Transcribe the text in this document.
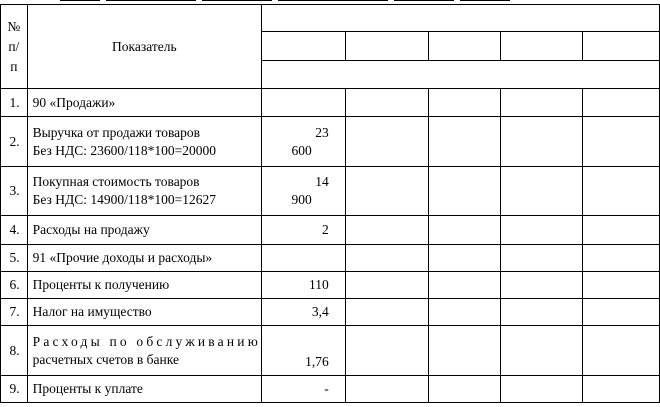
№
п/
п	Показатель					

1.	90 «Продажи»					
2.	Выручка от продажи товаров
Без НДС: 23600/118*100=20000	23
600				

3.	Покупная стоимость товаров
Без НДС: 14900/118*100=12627	14
900				

4.	Расходы на продажу	2				
5.	91 «Прочие доходы и расходы»					
6.	Проценты к получению	110				
7.	Налог на имущество	3,4				
8.	Расходы по обслуживанию
расчетных счетов в банке	1,76				
9.	Проценты к уплате	-				
